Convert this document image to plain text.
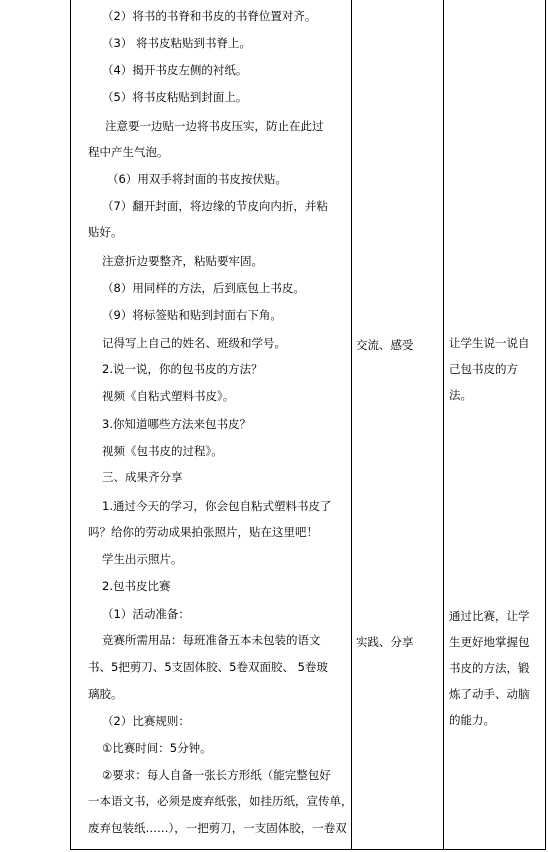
（2）将书的书脊和书皮的书脊位置对齐。
（3） 将书皮粘贴到书脊上。
（4）揭开书皮左侧的衬纸。
（5）将书皮粘贴到封面上。
注意要一边贴一边将书皮压实，防止在此过
程中产生气泡。
（6）用双手将封面的书皮按伏贴。
（7）翻开封面，将边缘的节皮向内折，并粘
贴好。
注意折边要整齐，粘贴要牢固。
（8）用同样的方法，后到底包上书皮。
（9）将标签贴和贴到封面右下角。
记得写上自己的姓名、班级和学号。
2.说一说，你的包书皮的方法？
视频《自粘式塑料书皮》。
3.你知道哪些方法来包书皮？
视频《包书皮的过程》。
三、成果齐分享
1.通过今天的学习，你会包自粘式塑料书皮了
吗？给你的劳动成果拍张照片，贴在这里吧！
学生出示照片。
2.包书皮比赛
（1）活动准备：
竞赛所需用品：每班准备五本未包装的语文
书、5把剪刀、5支固体胶、5卷双面胶、 5卷玻
璃胶。
（2）比赛规则：
①比赛时间：5分钟。
②要求：每人自备一张长方形纸（能完整包好
一本语文书，必须是废弃纸张，如挂历纸，宣传单，
废弃包装纸……），一把剪刀，一支固体胶，一卷双
交流、感受
实践、分享
让学生说一说自
己包书皮的方
法。
通过比赛，让学
生更好地掌握包
书皮的方法，锻
炼了动手、动脑
的能力。
